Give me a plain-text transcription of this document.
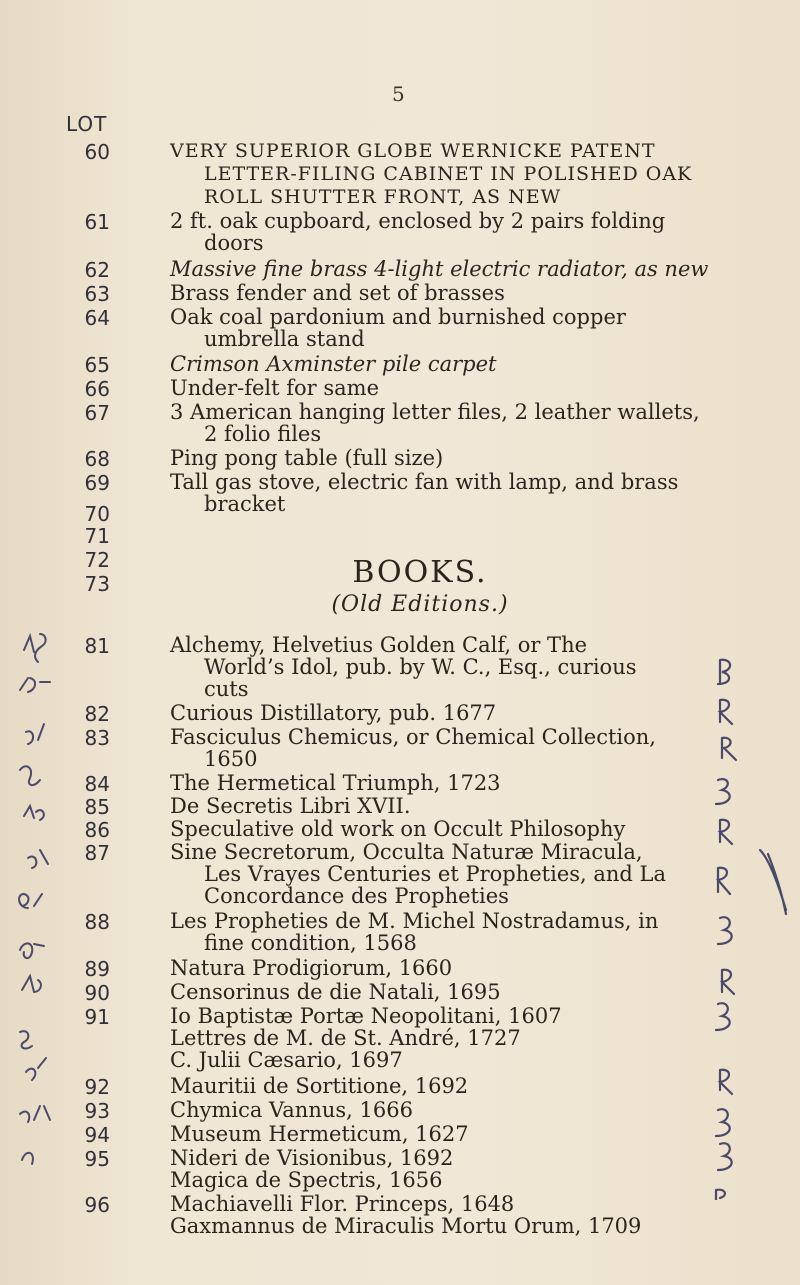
5
LOT
60	VERY SUPERIOR GLOBE WERNICKE PATENT

LETTER-FILING CABINET IN POLISHED OAK
ROLL SHUTTER FRONT, AS NEW
61	2 ft. oak cupboard, enclosed by 2 pairs folding

doors
62	Massive fine brass 4-light electric radiator, as new
63	Brass fender and set of brasses
64	Oak coal pardonium and burnished copper

umbrella stand
65	Crimson Axminster pile carpet
66	Under-felt for same
67	3 American hanging letter files, 2 leather wallets,

2 folio files
68	Ping pong table (full size)
69	Tall gas stove, electric fan with lamp, and brass

bracket
70
71
72
73	BOOKS.
(Old Editions.)
81	Alchemy, Helvetius Golden Calf, or The

World’s Idol, pub. by W. C., Esq., curious
cuts
82	Curious Distillatory, pub. 1677
83	Fasciculus Chemicus, or Chemical Collection,

1650
84	The Hermetical Triumph, 1723
85	De Secretis Libri XVII.
86	Speculative old work on Occult Philosophy
87	Sine Secretorum, Occulta Naturæ Miracula,

Les Vrayes Centuries et Propheties, and La
Concordance des Propheties
88	Les Propheties de M. Michel Nostradamus, in

fine condition, 1568
89	Natura Prodigiorum, 1660
90	Censorinus de die Natali, 1695
91	Io Baptistæ Portæ Neopolitani, 1607
Lettres de M. de St. André, 1727
C. Julii Cæsario, 1697
92	Mauritii de Sortitione, 1692
93	Chymica Vannus, 1666
94	Museum Hermeticum, 1627
95	Nideri de Visionibus, 1692
Magica de Spectris, 1656
96	Machiavelli Flor. Princeps, 1648
Gaxmannus de Miraculis Mortu Orum, 1709
